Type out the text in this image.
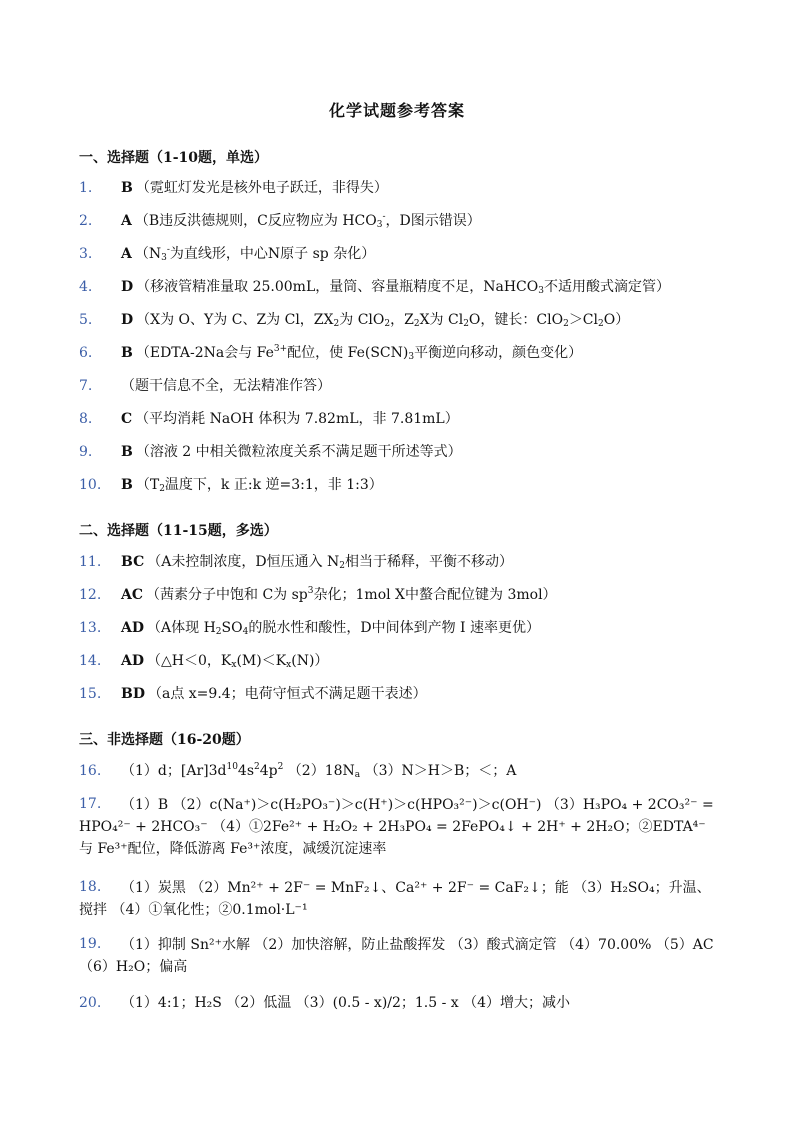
化学试题参考答案
一、选择题（1-10题，单选）
1. B （霓虹灯发光是核外电子跃迁，非得失）
2. A （B违反洪德规则，C反应物应为 $HCO_3^-$，D图示错误）
3. A （$N_3^-$为直线形，中心N原子 sp 杂化）
4. D （移液管精准量取 25.00mL，量筒、容量瓶精度不足，NaHCO$_3$不适用酸式滴定管）
5. D （X为 O、Y为 C、Z为 Cl，$ZX_2$为 ClO$_2$，$Z_2X$为 $Cl_2O$，键长：$ClO_2>Cl_2O$）
6. B （EDTA-2Na会与 $Fe^{3+}$配位，使 $Fe(SCN)_3$平衡逆向移动，颜色变化）
7. （题干信息不全，无法精准作答）
8. C （平均消耗 NaOH 体积为 7.82mL，非 7.81mL）
9. B （溶液 2 中相关微粒浓度关系不满足题干所述等式）
10. B （$T_2$温度下，k 正:k 逆=3:1，非 1:3）
二、选择题（11-15题，多选）
11. BC （A未控制浓度，D恒压通入 $N_2$相当于稀释，平衡不移动）
12. AC （茜素分子中饱和 C为 $sp^3$杂化；1mol X中螯合配位键为 3mol）
13. AD （A体现 $H_2SO_4$的脱水性和酸性，D中间体到产物 I 速率更优）
14. AD （△H＜0，$K_x(M)<K_x(N)$）
15. BD （a点 x=9.4；电荷守恒式不满足题干表述）
三、非选择题（16-20题）
16. （1）d；$[Ar]3d^{10}4s^24p^2$ $(2)18N_a$ （3）N＞H＞B；＜；A
17.	（1）B （2）c(Na⁺)＞c(H₂PO₃⁻)＞c(H⁺)＞c(HPO₃²⁻)＞c(OH⁻) （3）H₃PO₄ + 2CO₃²⁻ = HPO₄²⁻ + 2HCO₃⁻ （4）①2Fe²⁺ + H₂O₂ + 2H₃PO₄ = 2FePO₄↓ + 2H⁺ + 2H₂O；②EDTA⁴⁻与 Fe³⁺配位，降低游离 Fe³⁺浓度，减缓沉淀速率
18.	（1）炭黑 （2）Mn²⁺ + 2F⁻ = MnF₂↓、Ca²⁺ + 2F⁻ = CaF₂↓；能 （3）H₂SO₄；升温、搅拌 （4）①氧化性；②0.1mol·L⁻¹
19.	（1）抑制 Sn²⁺水解 （2）加快溶解，防止盐酸挥发 （3）酸式滴定管 （4）70.00% （5）AC （6）H₂O；偏高
20. （1）4:1；H₂S （2）低温 （3）(0.5 - x)/2；1.5 - x （4）增大；减小
